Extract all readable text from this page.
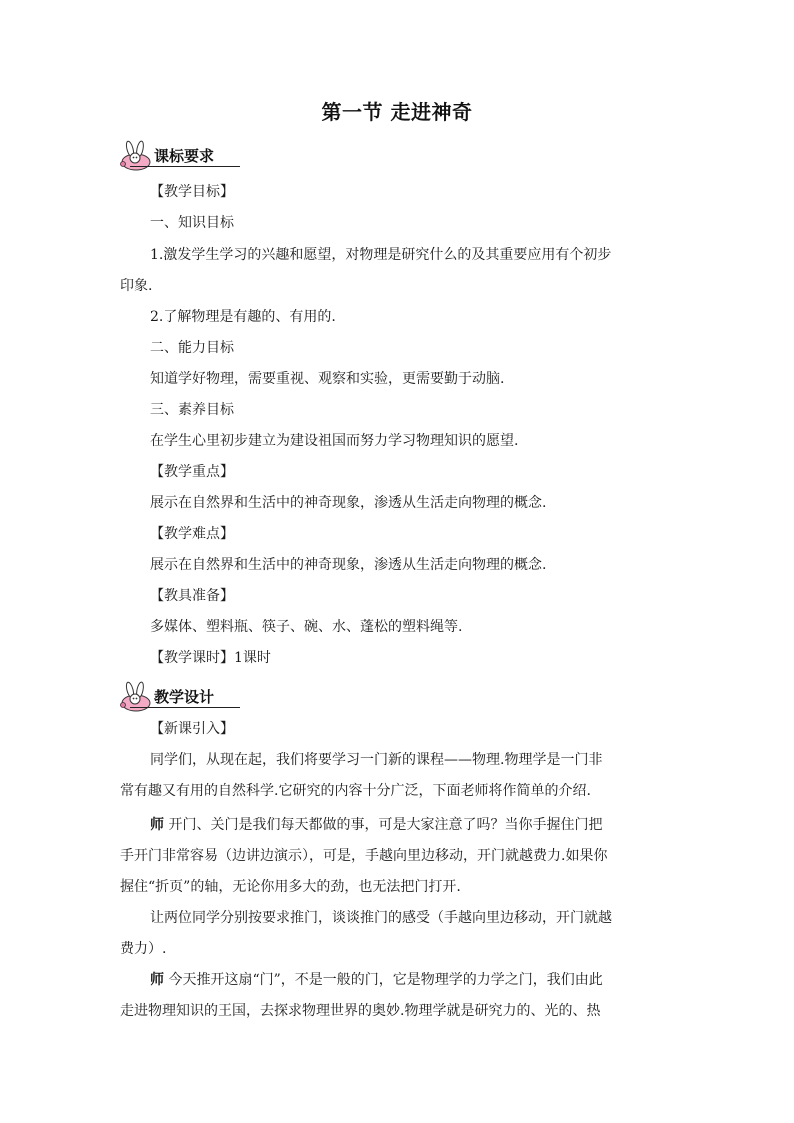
第一节 走进神奇
课标要求
【教学目标】
一、知识目标
1.激发学生学习的兴趣和愿望，对物理是研究什么的及其重要应用有个初步
印象.
2.了解物理是有趣的、有用的.
二、能力目标
知道学好物理，需要重视、观察和实验，更需要勤于动脑.
三、素养目标
在学生心里初步建立为建设祖国而努力学习物理知识的愿望.
【教学重点】
展示在自然界和生活中的神奇现象，渗透从生活走向物理的概念.
【教学难点】
展示在自然界和生活中的神奇现象，渗透从生活走向物理的概念.
【教具准备】
多媒体、塑料瓶、筷子、碗、水、蓬松的塑料绳等.
【教学课时】1课时
教学设计
【新课引入】
同学们，从现在起，我们将要学习一门新的课程——物理.物理学是一门非
常有趣又有用的自然科学.它研究的内容十分广泛，下面老师将作简单的介绍.
师 开门、关门是我们每天都做的事，可是大家注意了吗？当你手握住门把
手开门非常容易（边讲边演示），可是，手越向里边移动，开门就越费力.如果你
握住“折页”的轴，无论你用多大的劲，也无法把门打开.
让两位同学分别按要求推门，谈谈推门的感受（手越向里边移动，开门就越
费力）.
师 今天推开这扇“门”，不是一般的门，它是物理学的力学之门，我们由此
走进物理知识的王国，去探求物理世界的奥妙.物理学就是研究力的、光的、热
